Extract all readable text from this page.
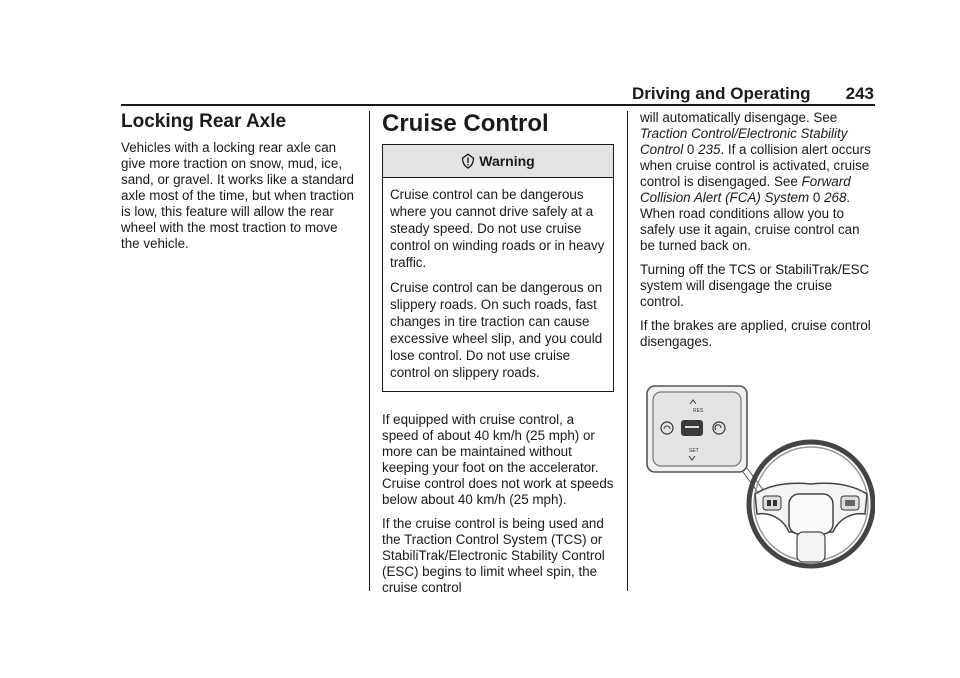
Driving and Operating 243
Locking Rear Axle

Vehicles with a locking rear axle can give more traction on snow, mud, ice, sand, or gravel. It works like a standard axle most of the time, but when traction is low, this feature will allow the rear wheel with the most traction to move the vehicle.

Cruise Control
Warning

Cruise control can be dangerous where you cannot drive safely at a steady speed. Do not use cruise control on winding roads or in heavy traffic.

Cruise control can be dangerous on slippery roads. On such roads, fast changes in tire traction can cause excessive wheel slip, and you could lose control. Do not use cruise control on slippery roads.

If equipped with cruise control, a speed of about 40 km/h (25 mph) or more can be maintained without keeping your foot on the accelerator. Cruise control does not work at speeds below about 40 km/h (25 mph).

If the cruise control is being used and the Traction Control System (TCS) or StabiliTrak/Electronic Stability Control (ESC) begins to limit wheel spin, the cruise control

will automatically disengage. See Traction Control/Electronic Stability Control 0 235. If a collision alert occurs when cruise control is activated, cruise control is disengaged. See Forward Collision Alert (FCA) System 0 268. When road conditions allow you to safely use it again, cruise control can be turned back on.

Turning off the TCS or StabiliTrak/ESC system will disengage the cruise control.

If the brakes are applied, cruise control disengages.

RES
SET
